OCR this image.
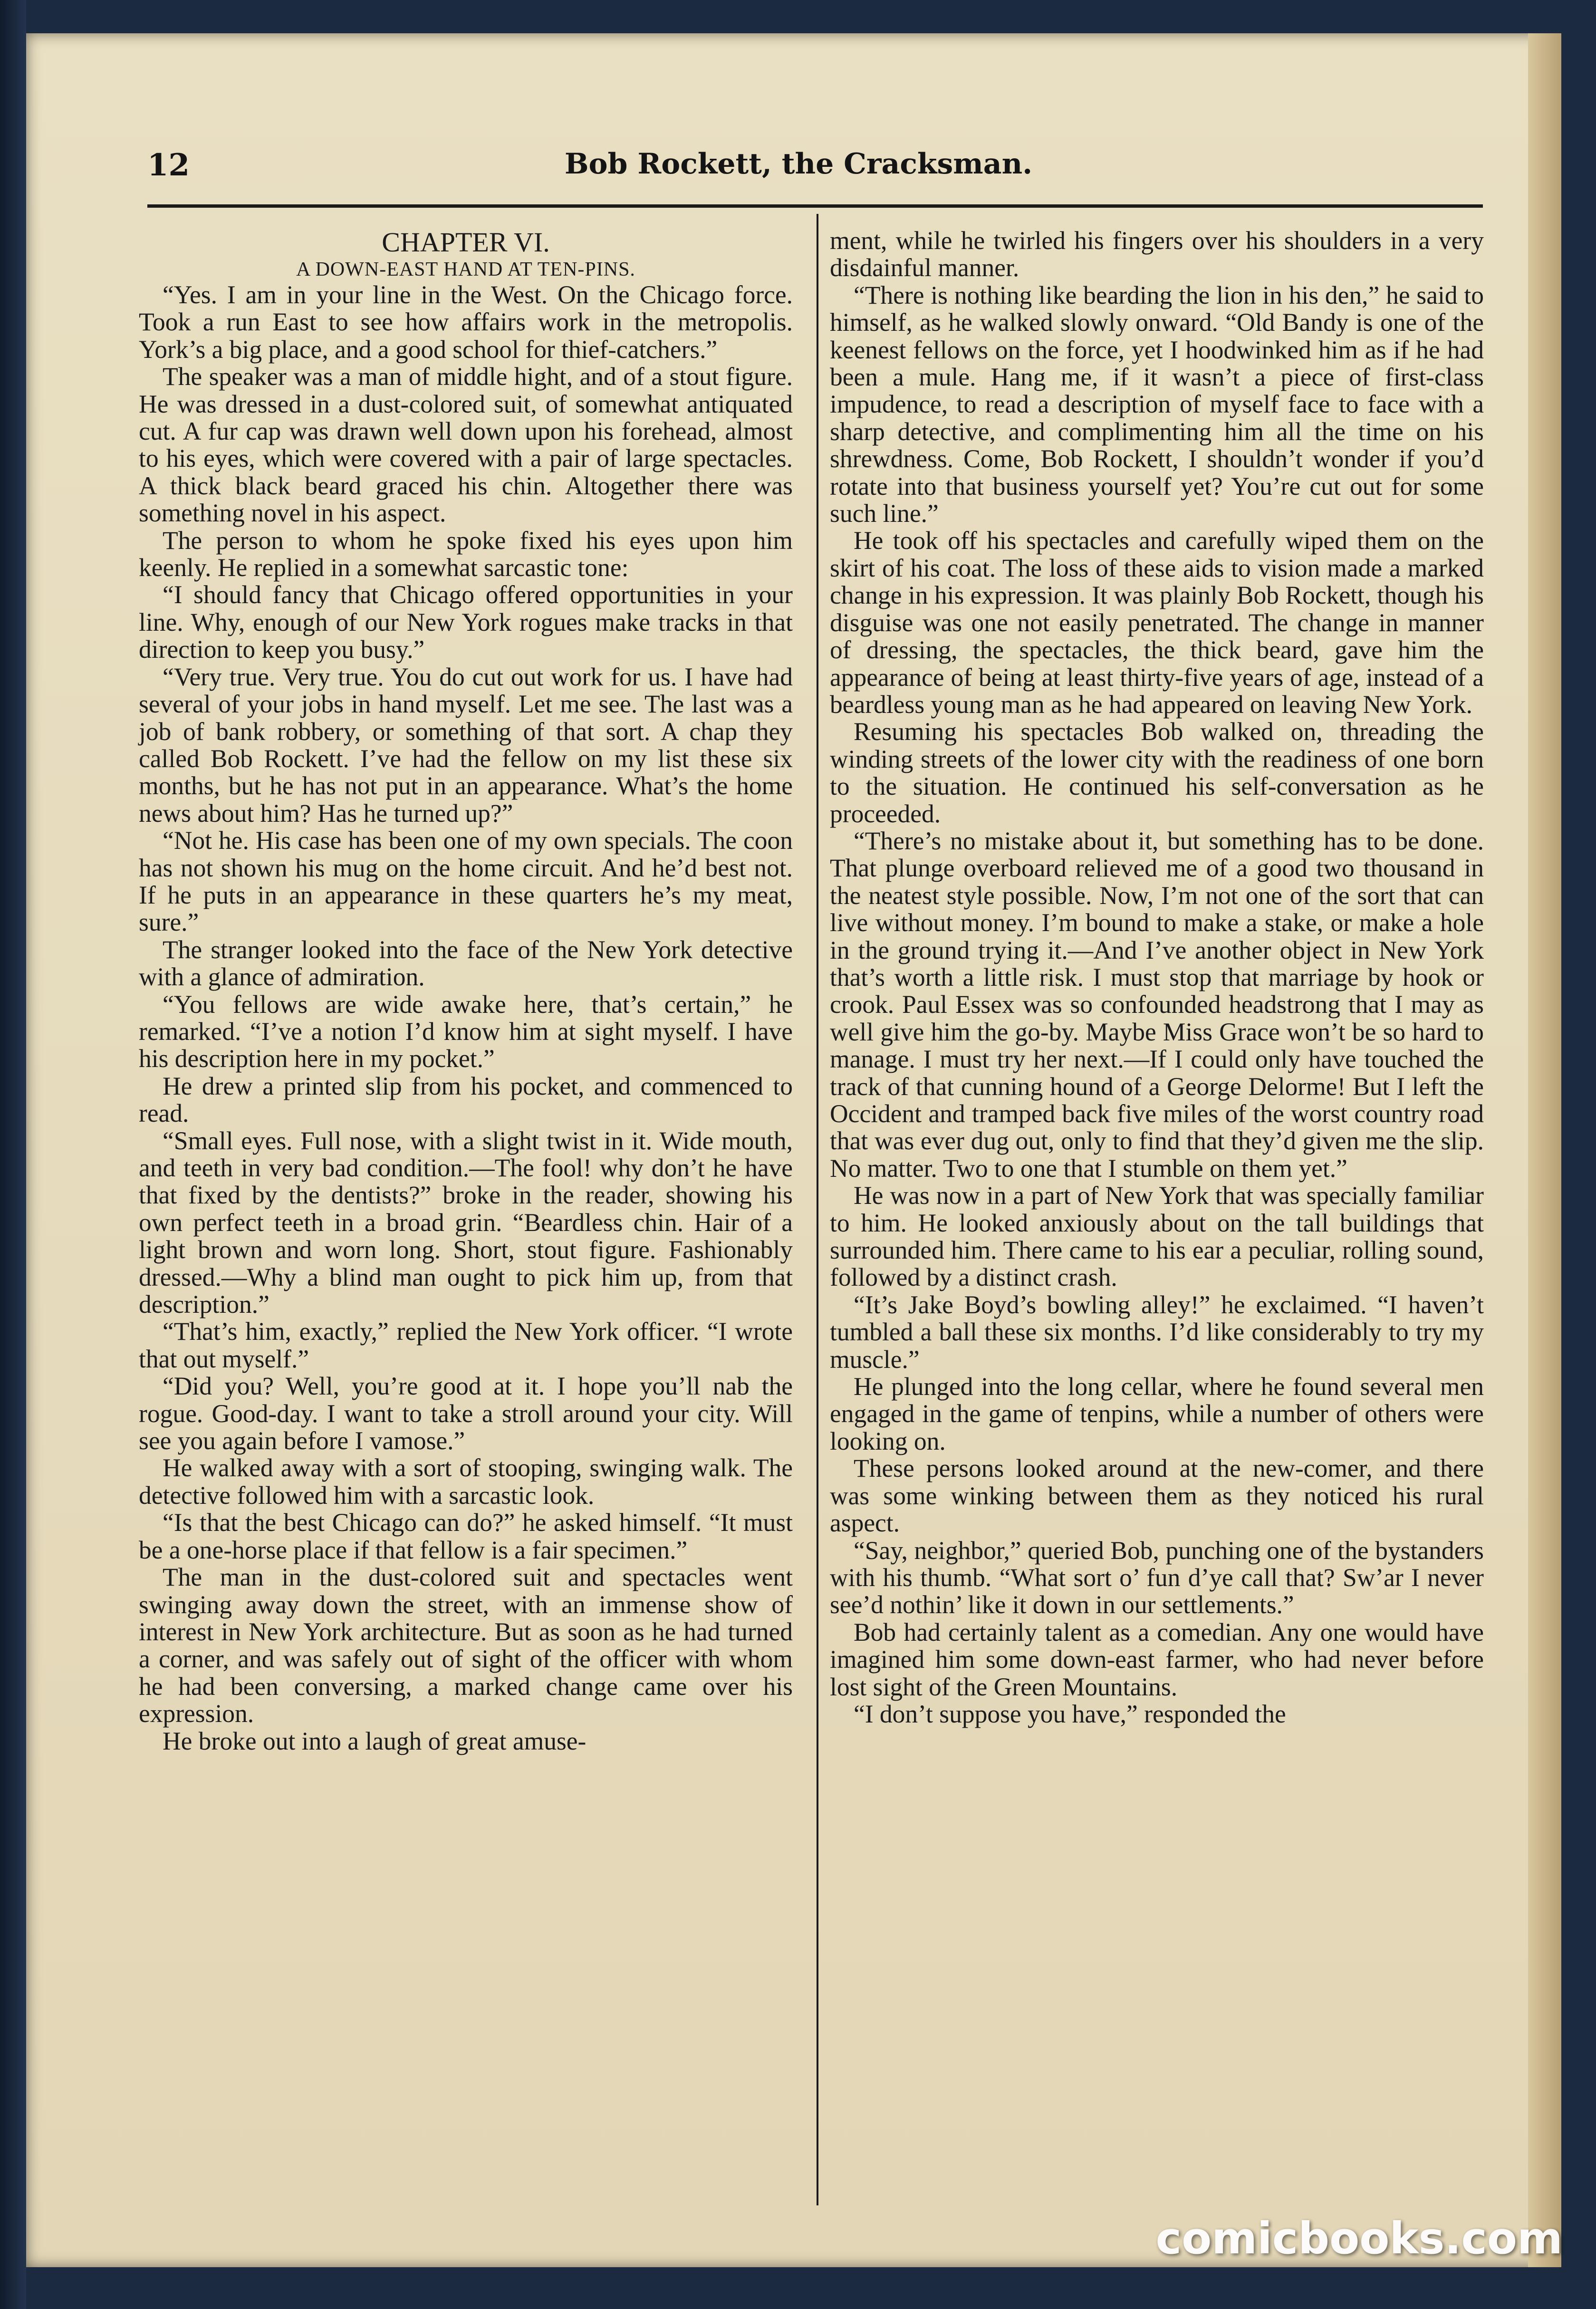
12	Bob Rockett, the Cracksman.
CHAPTER VI.
A DOWN-EAST HAND AT TEN-PINS.

“Yes. I am in your line in the West. On the Chicago force. Took a run East to see how affairs work in the metropolis. York’s a big place, and a good school for thief-catchers.”

The speaker was a man of middle hight, and of a stout figure. He was dressed in a dust-colored suit, of somewhat antiquated cut. A fur cap was drawn well down upon his forehead, almost to his eyes, which were covered with a pair of large spectacles. A thick black beard graced his chin. Altogether there was something novel in his aspect.

The person to whom he spoke fixed his eyes upon him keenly. He replied in a somewhat sarcastic tone:

“I should fancy that Chicago offered opportunities in your line. Why, enough of our New York rogues make tracks in that direction to keep you busy.”

“Very true. Very true. You do cut out work for us. I have had several of your jobs in hand myself. Let me see. The last was a job of bank robbery, or something of that sort. A chap they called Bob Rockett. I’ve had the fellow on my list these six months, but he has not put in an appearance. What’s the home news about him? Has he turned up?”

“Not he. His case has been one of my own specials. The coon has not shown his mug on the home circuit. And he’d best not. If he puts in an appearance in these quarters he’s my meat, sure.”

The stranger looked into the face of the New York detective with a glance of admiration.

“You fellows are wide awake here, that’s certain,” he remarked. “I’ve a notion I’d know him at sight myself. I have his description here in my pocket.”

He drew a printed slip from his pocket, and commenced to read.

“Small eyes. Full nose, with a slight twist in it. Wide mouth, and teeth in very bad condition.—The fool! why don’t he have that fixed by the dentists?” broke in the reader, showing his own perfect teeth in a broad grin. “Beardless chin. Hair of a light brown and worn long. Short, stout figure. Fashionably dressed.—Why a blind man ought to pick him up, from that description.”

“That’s him, exactly,” replied the New York officer. “I wrote that out myself.”

“Did you? Well, you’re good at it. I hope you’ll nab the rogue. Good-day. I want to take a stroll around your city. Will see you again before I vamose.”

He walked away with a sort of stooping, swinging walk. The detective followed him with a sarcastic look.

“Is that the best Chicago can do?” he asked himself. “It must be a one-horse place if that fellow is a fair specimen.”

The man in the dust-colored suit and spectacles went swinging away down the street, with an immense show of interest in New York architecture. But as soon as he had turned a corner, and was safely out of sight of the officer with whom he had been conversing, a marked change came over his expression.

He broke out into a laugh of great amuse-

ment, while he twirled his fingers over his shoulders in a very disdainful manner.

“There is nothing like bearding the lion in his den,” he said to himself, as he walked slowly onward. “Old Bandy is one of the keenest fellows on the force, yet I hoodwinked him as if he had been a mule. Hang me, if it wasn’t a piece of first-class impudence, to read a description of myself face to face with a sharp detective, and complimenting him all the time on his shrewdness. Come, Bob Rockett, I shouldn’t wonder if you’d rotate into that business yourself yet? You’re cut out for some such line.”

He took off his spectacles and carefully wiped them on the skirt of his coat. The loss of these aids to vision made a marked change in his expression. It was plainly Bob Rockett, though his disguise was one not easily penetrated. The change in manner of dressing, the spectacles, the thick beard, gave him the appearance of being at least thirty-five years of age, instead of a beardless young man as he had appeared on leaving New York.

Resuming his spectacles Bob walked on, threading the winding streets of the lower city with the readiness of one born to the situation. He continued his self-conversation as he proceeded.

“There’s no mistake about it, but something has to be done. That plunge overboard relieved me of a good two thousand in the neatest style possible. Now, I’m not one of the sort that can live without money. I’m bound to make a stake, or make a hole in the ground trying it.—And I’ve another object in New York that’s worth a little risk. I must stop that marriage by hook or crook. Paul Essex was so confounded headstrong that I may as well give him the go-by. Maybe Miss Grace won’t be so hard to manage. I must try her next.—If I could only have touched the track of that cunning hound of a George Delorme! But I left the Occident and tramped back five miles of the worst country road that was ever dug out, only to find that they’d given me the slip. No matter. Two to one that I stumble on them yet.”

He was now in a part of New York that was specially familiar to him. He looked anxiously about on the tall buildings that surrounded him. There came to his ear a peculiar, rolling sound, followed by a distinct crash.

“It’s Jake Boyd’s bowling alley!” he exclaimed. “I haven’t tumbled a ball these six months. I’d like considerably to try my muscle.”

He plunged into the long cellar, where he found several men engaged in the game of tenpins, while a number of others were looking on.

These persons looked around at the new-comer, and there was some winking between them as they noticed his rural aspect.

“Say, neighbor,” queried Bob, punching one of the bystanders with his thumb. “What sort o’ fun d’ye call that? Sw’ar I never see’d nothin’ like it down in our settlements.”

Bob had certainly talent as a comedian. Any one would have imagined him some down-east farmer, who had never before lost sight of the Green Mountains.

“I don’t suppose you have,” responded the

comicbooks.com
